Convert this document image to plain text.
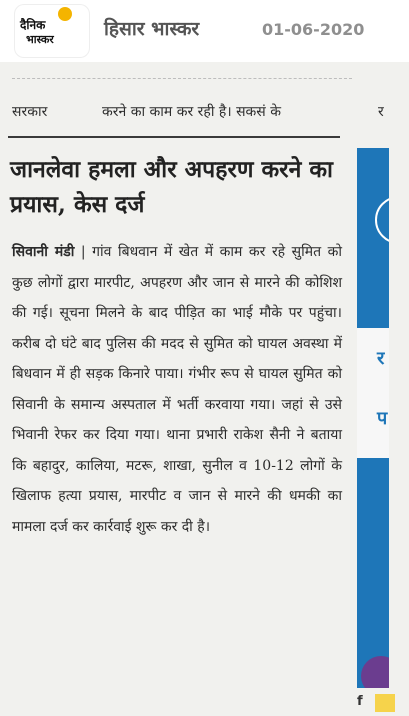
दैनिक
भास्कर	हिसार भास्कर	01-06-2020
सरकार	करने का काम कर रही है। सकसं के	र
जानलेवा हमला और अपहरण करने का प्रयास, केस दर्ज
सिवानी मंडी | गांव बिधवान में खेत में काम कर रहे सुमित को कुछ लोगों द्वारा मारपीट, अपहरण और जान से मारने की कोशिश की गई। सूचना मिलने के बाद पीड़ित का भाई मौके पर पहुंचा। करीब दो घंटे बाद पुलिस की मदद से सुमित को घायल अवस्था में बिधवान में ही सड़क किनारे पाया। गंभीर रूप से घायल सुमित को सिवानी के समान्य अस्पताल में भर्ती करवाया गया। जहां से उसे भिवानी रेफर कर दिया गया। थाना प्रभारी राकेश सैनी ने बताया कि बहादुर, कालिया, मटरू, शाखा, सुनील व 10-12 लोगों के खिलाफ हत्या प्रयास, मारपीट व जान से मारने की धमकी का मामला दर्ज कर कार्रवाई शुरू कर दी है।
र
प
f
